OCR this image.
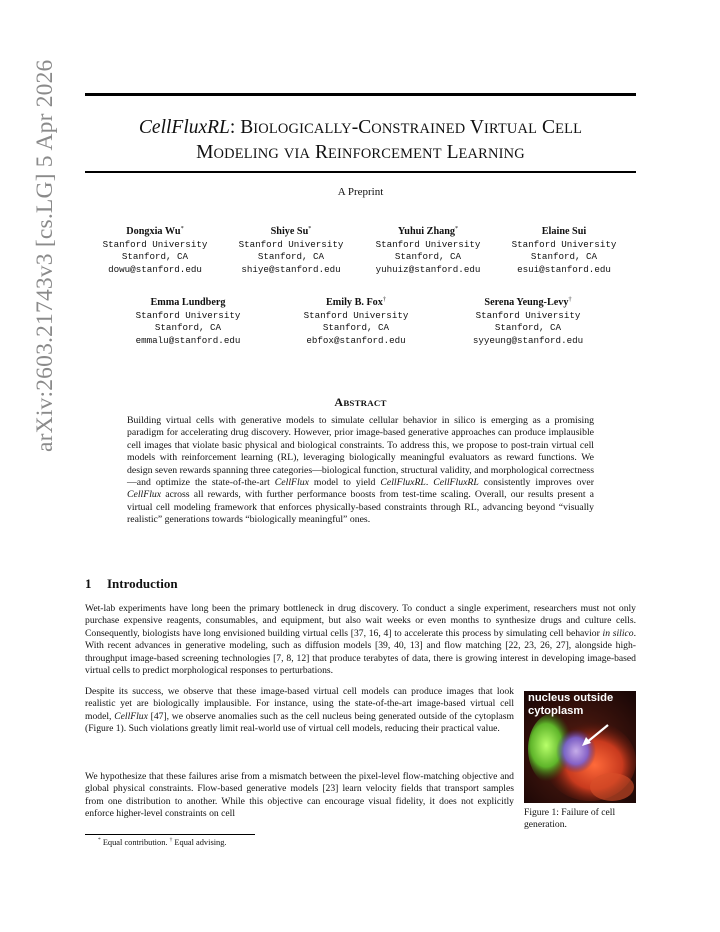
arXiv:2603.21743v3 [cs.LG] 5 Apr 2026	CellFluxRL: BIOLOGICALLY-CONSTRAINED VIRTUAL CELL
MODELING VIA REINFORCEMENT LEARNING
A Preprint
Dongxia Wu*
Stanford University
Stanford, CA
dowu@stanford.edu
Shiye Su*
Stanford University
Stanford, CA
shiye@stanford.edu
Yuhui Zhang*
Stanford University
Stanford, CA
yuhuiz@stanford.edu
Elaine Sui
Stanford University
Stanford, CA
esui@stanford.edu
Emma Lundberg
Stanford University
Stanford, CA
emmalu@stanford.edu
Emily B. Fox†
Stanford University
Stanford, CA
ebfox@stanford.edu
Serena Yeung-Levy†
Stanford University
Stanford, CA
syyeung@stanford.edu
ABSTRACT
Building virtual cells with generative models to simulate cellular behavior in silico is emerging as a promising paradigm for accelerating drug discovery. However, prior image-based generative approaches can produce implausible cell images that violate basic physical and biological constraints. To address this, we propose to post-train virtual cell models with reinforcement learning (RL), leveraging biologically meaningful evaluators as reward functions. We design seven rewards spanning three categories—biological function, structural validity, and morphological correctness—and optimize the state-of-the-art CellFlux model to yield CellFluxRL. CellFluxRL consistently improves over CellFlux across all rewards, with further performance boosts from test-time scaling. Overall, our results present a virtual cell modeling framework that enforces physically-based constraints through RL, advancing beyond “visually realistic” generations towards “biologically meaningful” ones.
1 Introduction
Wet-lab experiments have long been the primary bottleneck in drug discovery. To conduct a single experiment, researchers must not only purchase expensive reagents, consumables, and equipment, but also wait weeks or even months to synthesize drugs and culture cells. Consequently, biologists have long envisioned building virtual cells [37, 16, 4] to accelerate this process by simulating cell behavior in silico. With recent advances in generative modeling, such as diffusion models [39, 40, 13] and flow matching [22, 23, 26, 27], alongside high-throughput image-based screening technologies [7, 8, 12] that produce terabytes of data, there is growing interest in developing image-based virtual cells to predict morphological responses to perturbations.
Despite its success, we observe that these image-based virtual cell models can produce images that look realistic yet are biologically implausible. For instance, using the state-of-the-art image-based virtual cell model, CellFlux [47], we observe anomalies such as the cell nucleus being generated outside of the cytoplasm (Figure 1). Such violations greatly limit real-world use of virtual cell models, reducing their practical value.
We hypothesize that these failures arise from a mismatch between the pixel-level flow-matching objective and global physical constraints. Flow-based generative models [23] learn velocity fields that transport samples from one distribution to another. While this objective can encourage visual fidelity, it does not explicitly enforce higher-level constraints on cell
nucleus outside
cytoplasm
Figure 1: Failure of cell generation.
* Equal contribution. † Equal advising.
